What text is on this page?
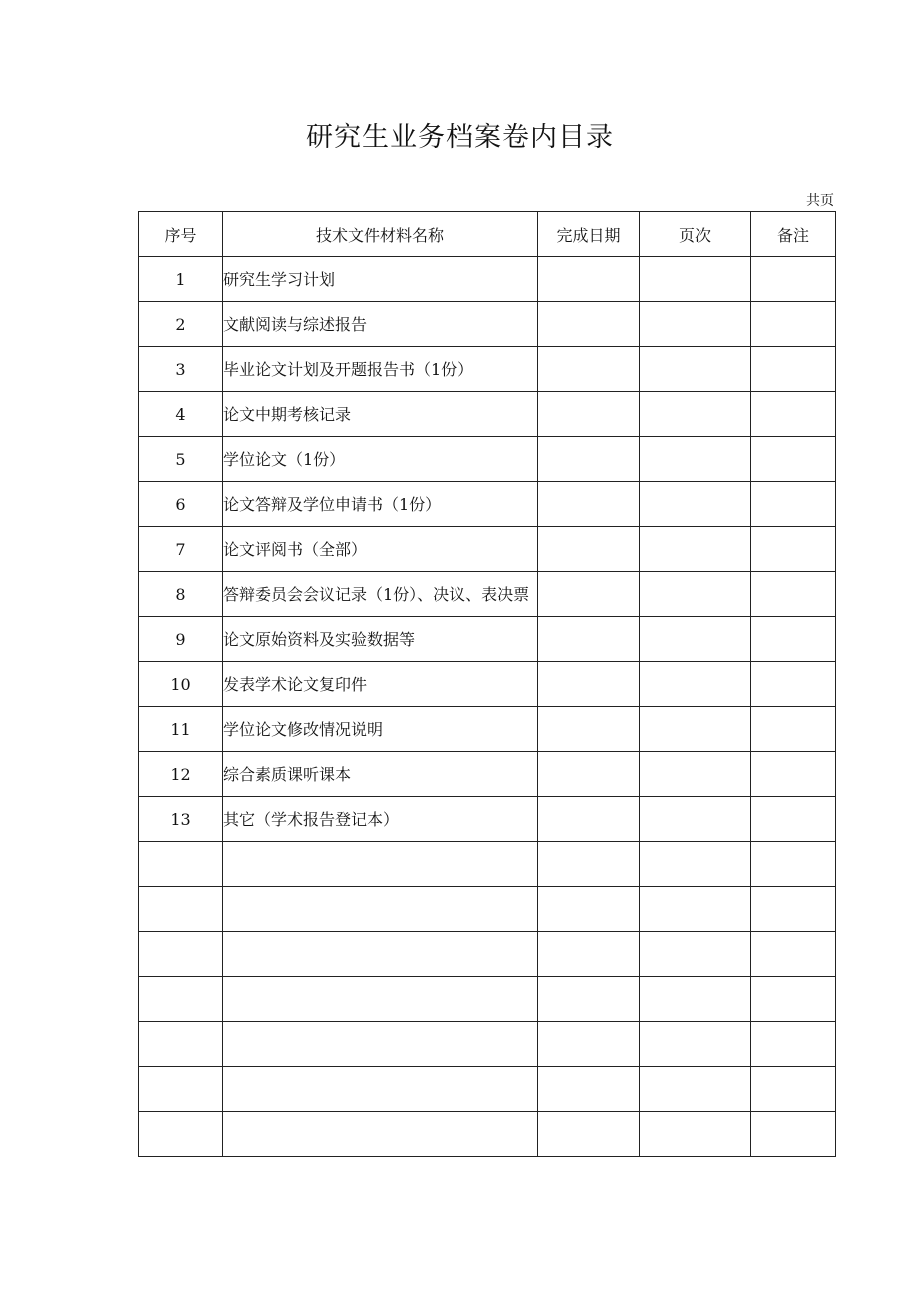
研究生业务档案卷内目录
共页
序号	技术文件材料名称	完成日期	页次	备注
1	研究生学习计划			

2	文献阅读与综述报告			

3	毕业论文计划及开题报告书（1份）			

4	论文中期考核记录			

5	学位论文（1份）			

6	论文答辩及学位申请书（1份）			

7	论文评阅书（全部）			

8	答辩委员会会议记录（1份）、决议、表决票			

9	论文原始资料及实验数据等			

10	发表学术论文复印件			

11	学位论文修改情况说明			

12	综合素质课听课本			

13	其它（学术报告登记本）			
